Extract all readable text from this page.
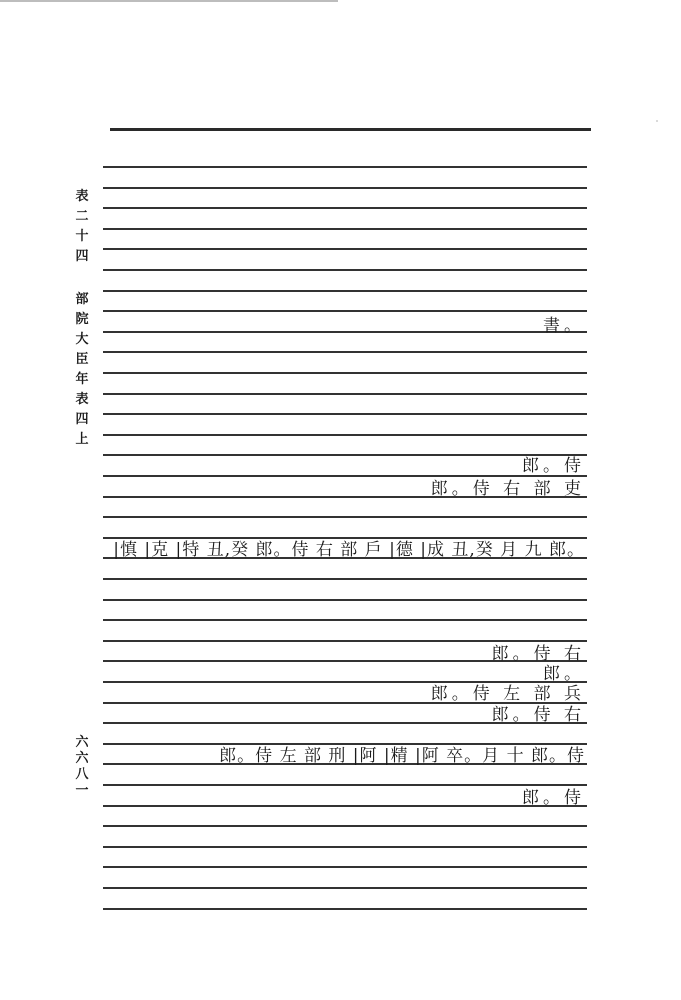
表
二
十
四
部
院
大
臣
年
表
四
上
書。
郎。侍
郎。侍 右 部 吏
|慎 |克 |特 丑,癸 郎。侍 右 部 戶 |德 |成 丑,癸 月 九 郎。
郎。侍 右
郎。
郎。侍 左 部 兵
郎。侍 右
郎。侍 左 部 刑 |阿 |精 |阿 卒。月 十 郎。侍
郎。侍
六
六
八
一
